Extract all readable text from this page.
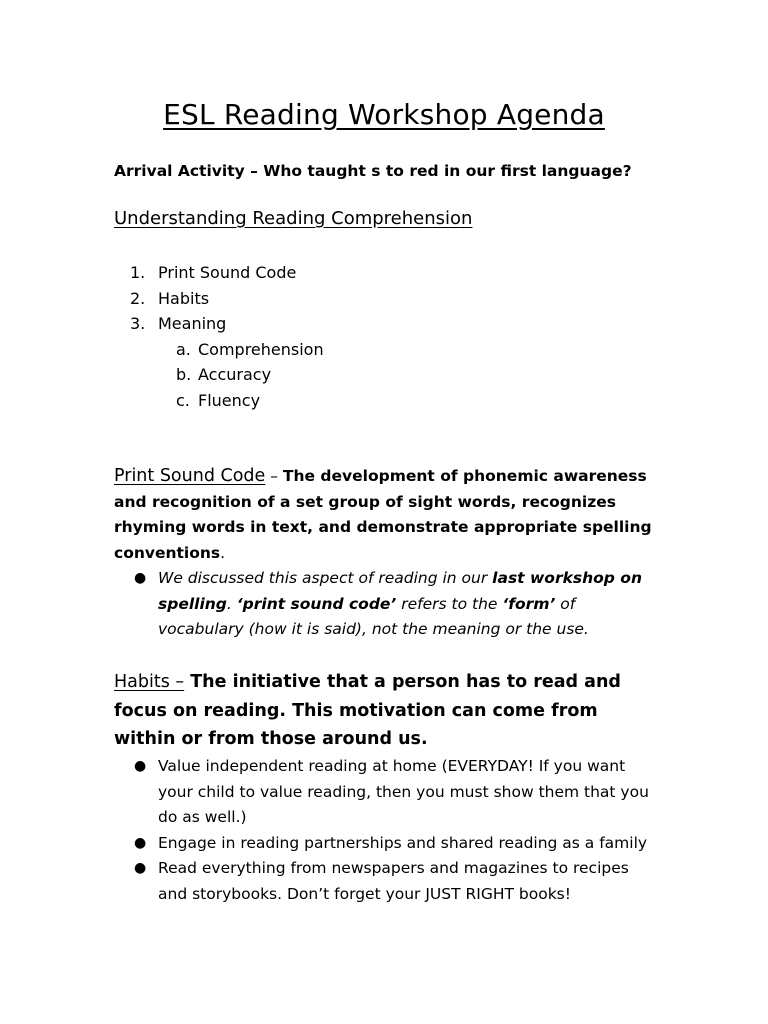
ESL Reading Workshop Agenda
Arrival Activity – Who taught s to red in our first language?
Understanding Reading Comprehension
1. Print Sound Code
2. Habits
3. Meaning
a. Comprehension
b. Accuracy
c. Fluency
Print Sound Code – The development of phonemic awareness and recognition of a set group of sight words, recognizes rhyming words in text, and demonstrate appropriate spelling conventions.
● We discussed this aspect of reading in our last workshop on spelling. ‘print sound code’ refers to the ‘form’ of vocabulary (how it is said), not the meaning or the use.
Habits – The initiative that a person has to read and focus on reading. This motivation can come from within or from those around us.
● Value independent reading at home (EVERYDAY! If you want your child to value reading, then you must show them that you do as well.)
● Engage in reading partnerships and shared reading as a family
● Read everything from newspapers and magazines to recipes and storybooks. Don’t forget your JUST RIGHT books!
